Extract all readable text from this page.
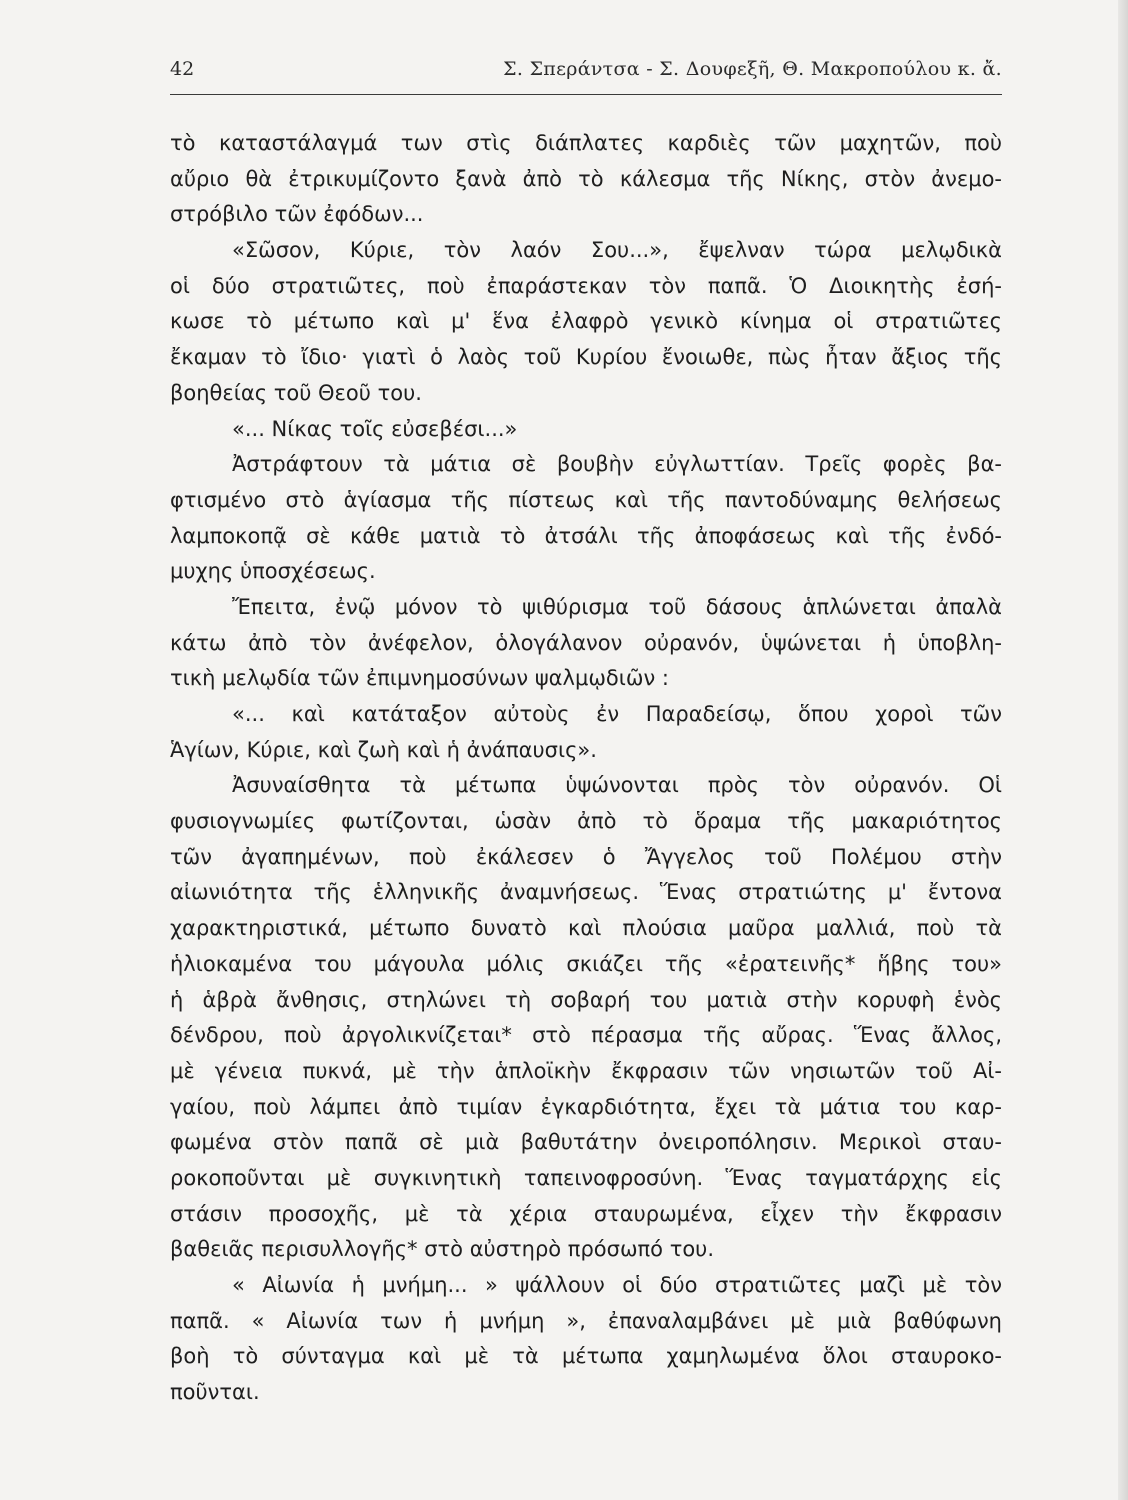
42	Σ. Σπεράντσα - Σ. Δουφεξῆ, Θ. Μακροπούλου κ. ἄ.
τὸ καταστάλαγμά των στὶς διάπλατες καρδιὲς τῶν μαχητῶν, ποὺ
αὔριο θὰ ἐτρικυμίζοντο ξανὰ ἀπὸ τὸ κάλεσμα τῆς Νίκης, στὸν ἀνεμο-
στρόβιλο τῶν ἐφόδων...
«Σῶσον, Κύριε, τὸν λαόν Σου...», ἔψελναν τώρα μελῳδικὰ
οἱ δύο στρατιῶτες, ποὺ ἐπαράστεκαν τὸν παπᾶ. Ὁ Διοικητὴς ἐσή-
κωσε τὸ μέτωπο καὶ μ' ἕνα ἐλαφρὸ γενικὸ κίνημα οἱ στρατιῶτες
ἔκαμαν τὸ ἴδιο· γιατὶ ὁ λαὸς τοῦ Κυρίου ἔνοιωθε, πὼς ἦταν ἄξιος τῆς
βοηθείας τοῦ Θεοῦ του.
«... Νίκας τοῖς εὐσεβέσι...»
Ἀστράφτουν τὰ μάτια σὲ βουβὴν εὐγλωττίαν. Τρεῖς φορὲς βα-
φτισμένο στὸ ἁγίασμα τῆς πίστεως καὶ τῆς παντοδύναμης θελήσεως
λαμποκοπᾷ σὲ κάθε ματιὰ τὸ ἀτσάλι τῆς ἀποφάσεως καὶ τῆς ἐνδό-
μυχης ὑποσχέσεως.
Ἔπειτα, ἐνῷ μόνον τὸ ψιθύρισμα τοῦ δάσους ἁπλώνεται ἀπαλὰ
κάτω ἀπὸ τὸν ἀνέφελον, ὁλογάλανον οὐρανόν, ὑψώνεται ἡ ὑποβλη-
τικὴ μελῳδία τῶν ἐπιμνημοσύνων ψαλμῳδιῶν :
«... καὶ κατάταξον αὐτοὺς ἐν Παραδείσῳ, ὅπου χοροὶ τῶν
Ἁγίων, Κύριε, καὶ ζωὴ καὶ ἡ ἀνάπαυσις».
Ἀσυναίσθητα τὰ μέτωπα ὑψώνονται πρὸς τὸν οὐρανόν. Οἱ
φυσιογνωμίες φωτίζονται, ὡσὰν ἀπὸ τὸ ὅραμα τῆς μακαριότητος
τῶν ἀγαπημένων, ποὺ ἐκάλεσεν ὁ Ἄγγελος τοῦ Πολέμου στὴν
αἰωνιότητα τῆς ἑλληνικῆς ἀναμνήσεως. Ἕνας στρατιώτης μ' ἔντονα
χαρακτηριστικά, μέτωπο δυνατὸ καὶ πλούσια μαῦρα μαλλιά, ποὺ τὰ
ἡλιοκαμένα του μάγουλα μόλις σκιάζει τῆς «ἐρατεινῆς* ἥβης του»
ἡ ἁβρὰ ἄνθησις, στηλώνει τὴ σοβαρή του ματιὰ στὴν κορυφὴ ἑνὸς
δένδρου, ποὺ ἀργολικνίζεται* στὸ πέρασμα τῆς αὔρας. Ἕνας ἄλλος,
μὲ γένεια πυκνά, μὲ τὴν ἁπλοϊκὴν ἔκφρασιν τῶν νησιωτῶν τοῦ Αἰ-
γαίου, ποὺ λάμπει ἀπὸ τιμίαν ἐγκαρδιότητα, ἔχει τὰ μάτια του καρ-
φωμένα στὸν παπᾶ σὲ μιὰ βαθυτάτην ὀνειροπόλησιν. Μερικοὶ σταυ-
ροκοποῦνται μὲ συγκινητικὴ ταπεινοφροσύνη. Ἕνας ταγματάρχης εἰς
στάσιν προσοχῆς, μὲ τὰ χέρια σταυρωμένα, εἶχεν τὴν ἔκφρασιν
βαθειᾶς περισυλλογῆς* στὸ αὐστηρὸ πρόσωπό του.
« Αἰωνία ἡ μνήμη... » ψάλλουν οἱ δύο στρατιῶτες μαζὶ μὲ τὸν
παπᾶ. « Αἰωνία των ἡ μνήμη », ἐπαναλαμβάνει μὲ μιὰ βαθύφωνη
βοὴ τὸ σύνταγμα καὶ μὲ τὰ μέτωπα χαμηλωμένα ὅλοι σταυροκο-
ποῦνται.
